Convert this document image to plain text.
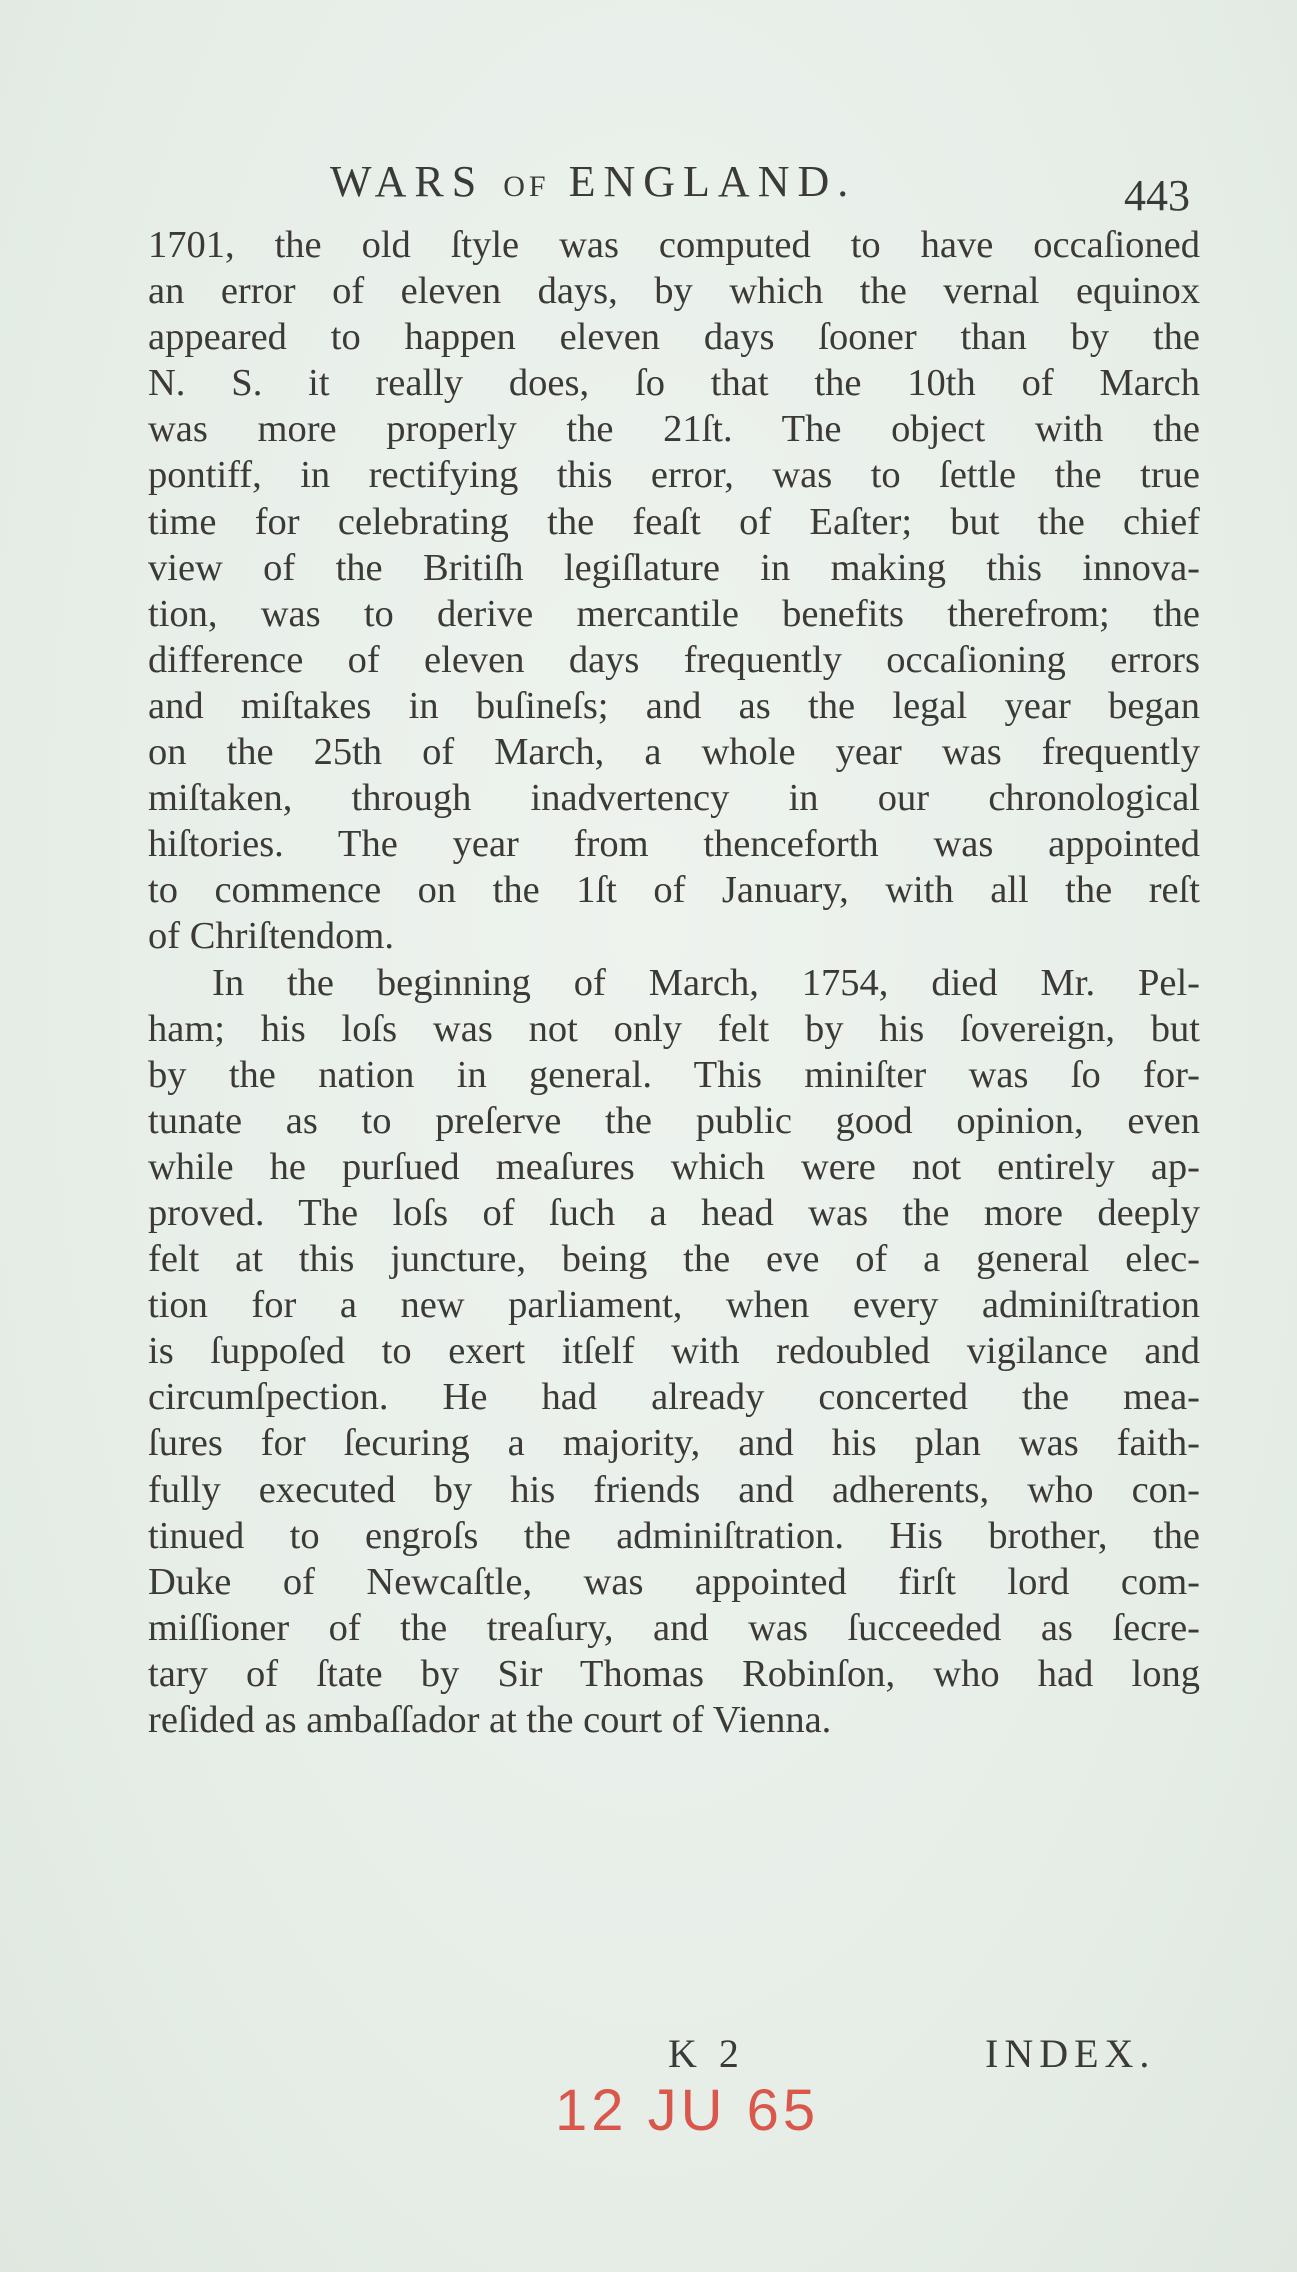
WARS OF ENGLAND.	443
1701, the old ſtyle was computed to have occaſioned
an error of eleven days, by which the vernal equinox
appeared to happen eleven days ſooner than by the
N. S. it really does, ſo that the 10th of March
was more properly the 21ſt. The object with the
pontiff, in rectifying this error, was to ſettle the true
time for celebrating the feaſt of Eaſter; but the chief
view of the Britiſh legiſlature in making this innova-
tion, was to derive mercantile benefits therefrom; the
difference of eleven days frequently occaſioning errors
and miſtakes in buſineſs; and as the legal year began
on the 25th of March, a whole year was frequently
miſtaken, through inadvertency in our chronological
hiſtories. The year from thenceforth was appointed
to commence on the 1ſt of January, with all the reſt
of Chriſtendom.
In the beginning of March, 1754, died Mr. Pel-
ham; his loſs was not only felt by his ſovereign, but
by the nation in general. This miniſter was ſo for-
tunate as to preſerve the public good opinion, even
while he purſued meaſures which were not entirely ap-
proved. The loſs of ſuch a head was the more deeply
felt at this juncture, being the eve of a general elec-
tion for a new parliament, when every adminiſtration
is ſuppoſed to exert itſelf with redoubled vigilance and
circumſpection. He had already concerted the mea-
ſures for ſecuring a majority, and his plan was faith-
fully executed by his friends and adherents, who con-
tinued to engroſs the adminiſtration. His brother, the
Duke of Newcaſtle, was appointed firſt lord com-
miſſioner of the treaſury, and was ſucceeded as ſecre-
tary of ſtate by Sir Thomas Robinſon, who had long
reſided as ambaſſador at the court of Vienna.
K 2	INDEX.
12 JU 65
